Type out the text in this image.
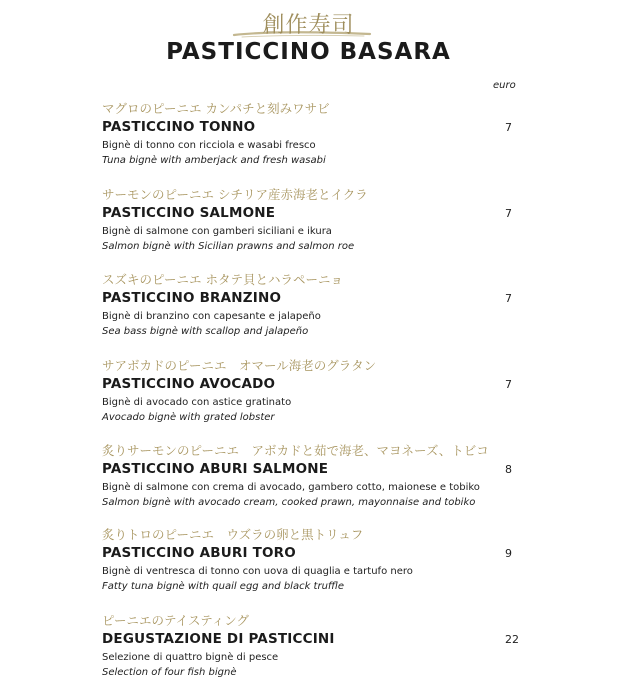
創作寿司
PASTICCINO BASARA
euro
マグロのピーニエ カンパチと刻みワサビ
PASTICCINO TONNO	7
Bignè di tonno con ricciola e wasabi fresco
Tuna bignè with amberjack and fresh wasabi
サーモンのピーニエ シチリア産赤海老とイクラ
PASTICCINO SALMONE	7
Bignè di salmone con gamberi siciliani e ikura
Salmon bignè with Sicilian prawns and salmon roe
スズキのピーニエ ホタテ貝とハラペーニョ
PASTICCINO BRANZINO	7
Bignè di branzino con capesante e jalapeño
Sea bass bignè with scallop and jalapeño
サアボカドのピーニエ　オマール海老のグラタン
PASTICCINO AVOCADO	7
Bignè di avocado con astice gratinato
Avocado bignè with grated lobster
炙りサーモンのピーニエ　アボカドと茹で海老、マヨネーズ、トビコ
PASTICCINO ABURI SALMONE	8
Bignè di salmone con crema di avocado, gambero cotto, maionese e tobiko
Salmon bignè with avocado cream, cooked prawn, mayonnaise and tobiko
炙りトロのピーニエ　ウズラの卵と黒トリュフ
PASTICCINO ABURI TORO	9
Bignè di ventresca di tonno con uova di quaglia e tartufo nero
Fatty tuna bignè with quail egg and black truffle
ピーニエのテイスティング
DEGUSTAZIONE DI PASTICCINI	22
Selezione di quattro bignè di pesce
Selection of four fish bignè
